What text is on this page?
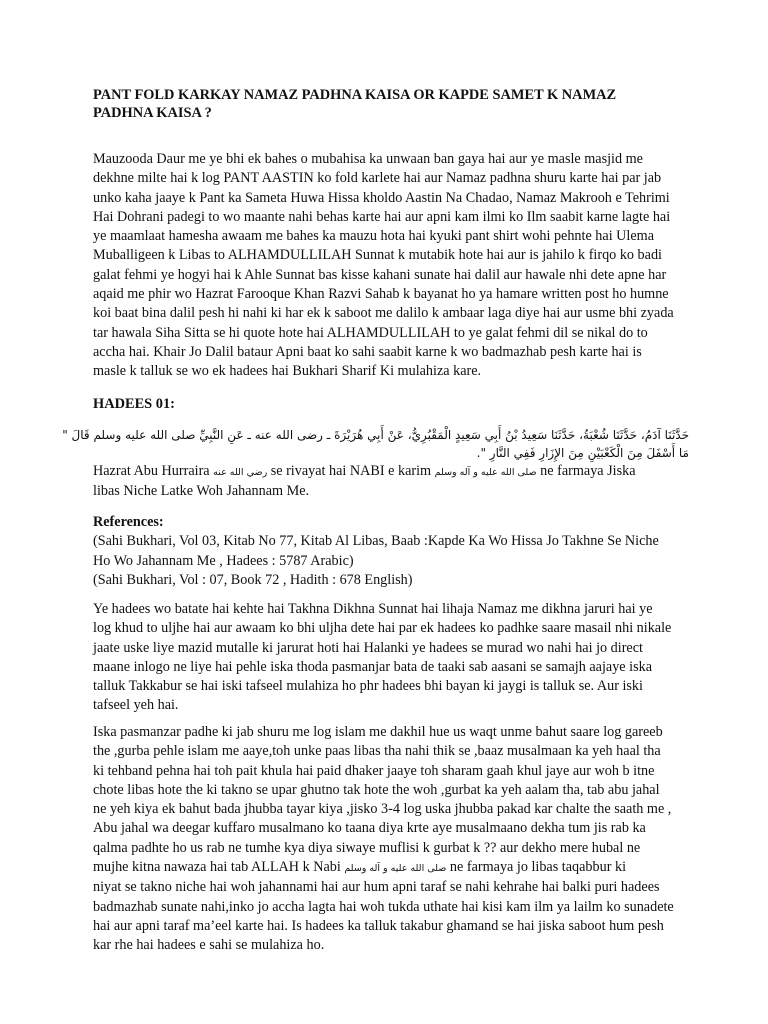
PANT FOLD KARKAY NAMAZ PADHNA KAISA OR KAPDE SAMET K NAMAZ
PADHNA KAISA ?

Mauzooda Daur me ye bhi ek bahes o mubahisa ka unwaan ban gaya hai aur ye masle masjid me
dekhne milte hai k log PANT AASTIN ko fold karlete hai aur Namaz padhna shuru karte hai par jab
unko kaha jaaye k Pant ka Sameta Huwa Hissa kholdo Aastin Na Chadao, Namaz Makrooh e Tehrimi
Hai Dohrani padegi to wo maante nahi behas karte hai aur apni kam ilmi ko Ilm saabit karne lagte hai
ye maamlaat hamesha awaam me bahes ka mauzu hota hai kyuki pant shirt wohi pehnte hai Ulema
Muballigeen k Libas to ALHAMDULLILAH Sunnat k mutabik hote hai aur is jahilo k firqo ko badi
galat fehmi ye hogyi hai k Ahle Sunnat bas kisse kahani sunate hai dalil aur hawale nhi dete apne har
aqaid me phir wo Hazrat Farooque Khan Razvi Sahab k bayanat ho ya hamare written post ho humne
koi baat bina dalil pesh hi nahi ki har ek k saboot me dalilo k ambaar laga diye hai aur usme bhi zyada
tar hawala Siha Sitta se hi quote hote hai ALHAMDULLILAH to ye galat fehmi dil se nikal do to
accha hai. Khair Jo Dalil bataur Apni baat ko sahi saabit karne k wo badmazhab pesh karte hai is
masle k talluk se wo ek hadees hai Bukhari Sharif Ki mulahiza kare.

HADEES 01:
حَدَّثَنَا آدَمُ، حَدَّثَنَا شُعْبَةُ، حَدَّثَنَا سَعِيدُ بْنُ أَبِي سَعِيدٍ الْمَقْبُرِيُّ، عَنْ أَبِي هُرَيْرَةَ ـ رضى الله عنه ـ عَنِ النَّبِيِّ صلى الله عليه وسلم قَالَ "
مَا أَسْفَلَ مِنَ الْكَعْبَيْنِ مِنَ الإِزَارِ فَفِي النَّارِ ".

Hazrat Abu Hurraira رضي الله عنه se rivayat hai NABI e karim صلى الله عليه و آله وسلم ne farmaya Jiska
libas Niche Latke Woh Jahannam Me.

References:
(Sahi Bukhari, Vol 03, Kitab No 77, Kitab Al Libas, Baab :Kapde Ka Wo Hissa Jo Takhne Se Niche
Ho Wo Jahannam Me , Hadees : 5787 Arabic)
(Sahi Bukhari, Vol : 07, Book 72 , Hadith : 678 English)

Ye hadees wo batate hai kehte hai Takhna Dikhna Sunnat hai lihaja Namaz me dikhna jaruri hai ye
log khud to uljhe hai aur awaam ko bhi uljha dete hai par ek hadees ko padhke saare masail nhi nikale
jaate uske liye mazid mutalle ki jarurat hoti hai Halanki ye hadees se murad wo nahi hai jo direct
maane inlogo ne liye hai pehle iska thoda pasmanjar bata de taaki sab aasani se samajh aajaye iska
talluk Takkabur se hai iski tafseel mulahiza ho phr hadees bhi bayan ki jaygi is talluk se. Aur iski
tafseel yeh hai.

Iska pasmanzar padhe ki jab shuru me log islam me dakhil hue us waqt unme bahut saare log gareeb
the ,gurba pehle islam me aaye,toh unke paas libas tha nahi thik se ,baaz musalmaan ka yeh haal tha
ki tehband pehna hai toh pait khula hai paid dhaker jaaye toh sharam gaah khul jaye aur woh b itne
chote libas hote the ki takno se upar ghutno tak hote the woh ,gurbat ka yeh aalam tha, tab abu jahal
ne yeh kiya ek bahut bada jhubba tayar kiya ,jisko 3-4 log uska jhubba pakad kar chalte the saath me ,
Abu jahal wa deegar kuffaro musalmano ko taana diya krte aye musalmaano dekha tum jis rab ka
qalma padhte ho us rab ne tumhe kya diya siwaye muflisi k gurbat k ?? aur dekho mere hubal ne
mujhe kitna nawaza hai tab ALLAH k Nabi صلى الله عليه و آله وسلم ne farmaya jo libas taqabbur ki
niyat se takno niche hai woh jahannami hai aur hum apni taraf se nahi kehrahe hai balki puri hadees
badmazhab sunate nahi,inko jo accha lagta hai woh tukda uthate hai kisi kam ilm ya lailm ko sunadete
hai aur apni taraf ma’eel karte hai. Is hadees ka talluk takabur ghamand se hai jiska saboot hum pesh
kar rhe hai hadees e sahi se mulahiza ho.
